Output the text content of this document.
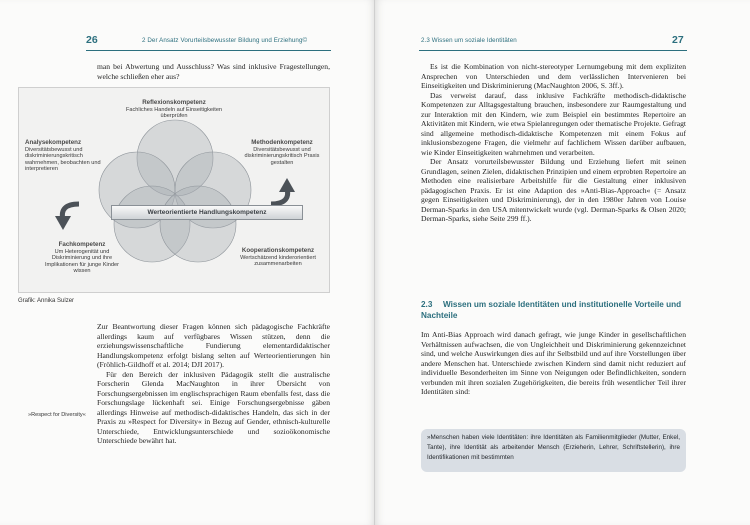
26	2 Der Ansatz Vorurteilsbewusster Bildung und Erziehung©

man bei Abwertung und Ausschluss? Was sind inklusive Fragestellungen, welche schließen eher aus?

Reflexionskompetenz
Fachliches Handeln auf Einseitigkeiten überprüfen
Analysekompetenz
Diversitätsbewusst und diskriminierungskritisch wahrnehmen, beobachten und interpretieren
Methodenkompetenz
Diversitätsbewusst und diskriminierungskritisch Praxis gestalten
Werteorientierte Handlungskompetenz
Fachkompetenz
Um Heterogenität und Diskriminierung und ihre Implikationen für junge Kinder wissen
Kooperationskompetenz
Wertschätzend kinderorientiert zusammenarbeiten
Grafik: Annika Sulzer
»Respect for Diversity«

Zur Beantwortung dieser Fragen können sich pädagogische Fachkräfte allerdings kaum auf verfügbares Wissen stützen, denn die erziehungswissenschaftliche Fundierung elementardidaktischer Handlungskompetenz erfolgt bislang selten auf Werteorientierungen hin (Fröhlich-Gildhoff et al. 2014; DJI 2017).

Für den Bereich der inklusiven Pädagogik stellt die australische Forscherin Glenda MacNaughton in ihrer Übersicht von Forschungsergebnissen im englischsprachigen Raum ebenfalls fest, dass die Forschungslage lückenhaft sei. Einige Forschungsergebnisse gäben allerdings Hinweise auf methodisch-didaktisches Handeln, das sich in der Praxis zu »Respect for Diversity« in Bezug auf Gender, ethnisch-kulturelle Unterschiede, Entwicklungsunterschiede und sozioökonomische Unterschiede bewährt hat.

2.3 Wissen um soziale Identitäten	27

Es ist die Kombination von nicht-stereotyper Lernumgebung mit dem expliziten Ansprechen von Unterschieden und dem verlässlichen Intervenieren bei Einseitigkeiten und Diskriminierung (MacNaughton 2006, S. 3ff.).

Das verweist darauf, dass inklusive Fachkräfte methodisch-didaktische Kompetenzen zur Alltagsgestaltung brauchen, insbesondere zur Raumgestaltung und zur Interaktion mit den Kindern, wie zum Beispiel ein bestimmtes Repertoire an Aktivitäten mit Kindern, wie etwa Spielanregungen oder thematische Projekte. Gefragt sind allgemeine methodisch-didaktische Kompetenzen mit einem Fokus auf inklusionsbezogene Fragen, die vielmehr auf fachlichem Wissen darüber aufbauen, wie Kinder Einseitigkeiten wahrnehmen und verarbeiten.

Der Ansatz vorurteilsbewusster Bildung und Erziehung liefert mit seinen Grundlagen, seinen Zielen, didaktischen Prinzipien und einem erprobten Repertoire an Methoden eine realisierbare Arbeitshilfe für die Gestaltung einer inklusiven pädagogischen Praxis. Er ist eine Adaption des »Anti-Bias-Approach« (= Ansatz gegen Einseitigkeiten und Diskriminierung), der in den 1980er Jahren von Louise Derman-Sparks in den USA mitentwickelt wurde (vgl. Derman-Sparks & Olsen 2020; Derman-Sparks, siehe Seite 299 ff.).

2.3 Wissen um soziale Identitäten und institutionelle Vorteile und Nachteile

Im Anti-Bias Approach wird danach gefragt, wie junge Kinder in gesellschaftlichen Verhältnissen aufwachsen, die von Ungleichheit und Diskriminierung gekennzeichnet sind, und welche Auswirkungen dies auf ihr Selbstbild und auf ihre Vorstellungen über andere Menschen hat. Unterschiede zwischen Kindern sind damit nicht reduziert auf individuelle Besonderheiten im Sinne von Neigungen oder Befindlichkeiten, sondern verbunden mit ihren sozialen Zugehörigkeiten, die bereits früh wesentlicher Teil ihrer Identitäten sind:

»Menschen haben viele Identitäten: ihre Identitäten als Familienmitglieder (Mutter, Enkel, Tante), ihre Identität als arbeitender Mensch (Erzieherin, Lehrer, Schriftstellerin), ihre Identifikationen mit bestimmten
